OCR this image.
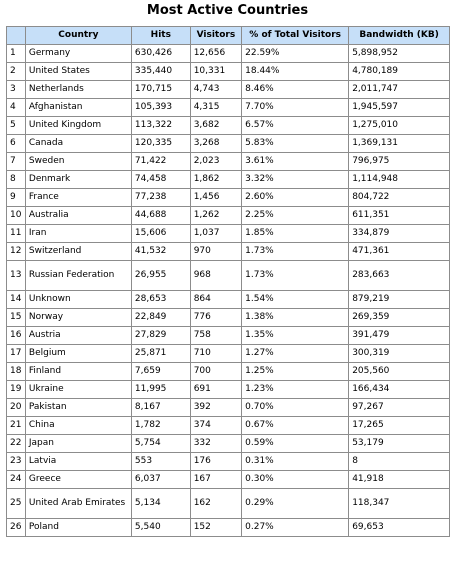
Most Active Countries
	Country	Hits	Visitors	% of Total Visitors	Bandwidth (KB)
1	Germany	630,426	12,656	22.59%	5,898,952
2	United States	335,440	10,331	18.44%	4,780,189
3	Netherlands	170,715	4,743	8.46%	2,011,747
4	Afghanistan	105,393	4,315	7.70%	1,945,597
5	United Kingdom	113,322	3,682	6.57%	1,275,010
6	Canada	120,335	3,268	5.83%	1,369,131
7	Sweden	71,422	2,023	3.61%	796,975
8	Denmark	74,458	1,862	3.32%	1,114,948
9	France	77,238	1,456	2.60%	804,722
10	Australia	44,688	1,262	2.25%	611,351
11	Iran	15,606	1,037	1.85%	334,879
12	Switzerland	41,532	970	1.73%	471,361
13	Russian Federation	26,955	968	1.73%	283,663
14	Unknown	28,653	864	1.54%	879,219
15	Norway	22,849	776	1.38%	269,359
16	Austria	27,829	758	1.35%	391,479
17	Belgium	25,871	710	1.27%	300,319
18	Finland	7,659	700	1.25%	205,560
19	Ukraine	11,995	691	1.23%	166,434
20	Pakistan	8,167	392	0.70%	97,267
21	China	1,782	374	0.67%	17,265
22	Japan	5,754	332	0.59%	53,179
23	Latvia	553	176	0.31%	8
24	Greece	6,037	167	0.30%	41,918
25	United Arab Emirates	5,134	162	0.29%	118,347
26	Poland	5,540	152	0.27%	69,653
